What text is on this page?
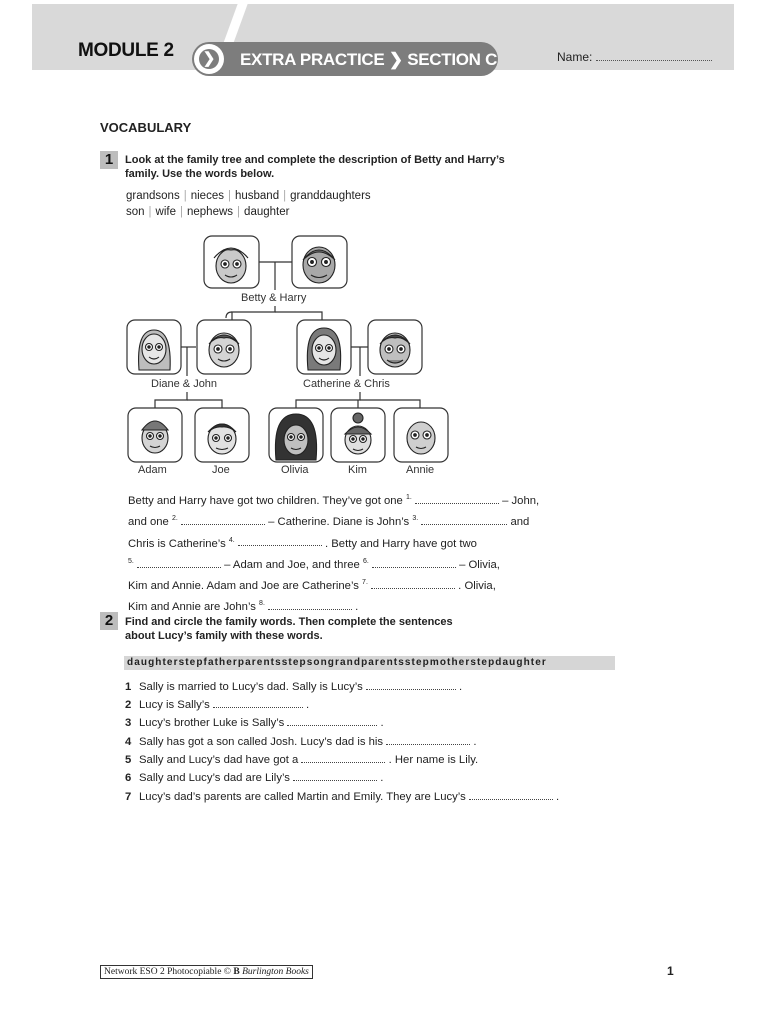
MODULE 2 ❯ EXTRA PRACTICE ❯ SECTION C	Name:
VOCABULARY
1	Look at the family tree and complete the description of Betty and Harry’s
family. Use the words below.
grandsons | nieces | husband | granddaughters
son | wife | nephews | daughter
Betty & Harry
Diane & John	Catherine & Chris
Adam	Joe	Olivia	Kim	Annie
Betty and Harry have got two children. They’ve got one $^{1.}$	– John,
and one $^{2.}$	– Catherine. Diane is John’s $^{3.}$	and
Chris is Catherine’s $^{4.}$	. Betty and Harry have got two
$^{5.}$	– Adam and Joe, and three $^{6.}$	– Olivia,
Kim and Annie. Adam and Joe are Catherine’s $^{7.}$	. Olivia,
Kim and Annie are John’s $^{8.}$	.
2	Find and circle the family words. Then complete the sentences
about Lucy’s family with these words.
daughterstepfatherparentsstepsongrandparentsstepmotherstepdaughter
1 Sally is married to Lucy’s dad. Sally is Lucy’s	.
2 Lucy is Sally’s	.
3 Lucy’s brother Luke is Sally’s	.
4 Sally has got a son called Josh. Lucy’s dad is his	.
5 Sally and Lucy’s dad have got a	. Her name is Lily.
6 Sally and Lucy’s dad are Lily’s	.
7 Lucy’s dad’s parents are called Martin and Emily. They are Lucy’s	.
Network ESO 2 Photocopiable © B Burlington Books	1
